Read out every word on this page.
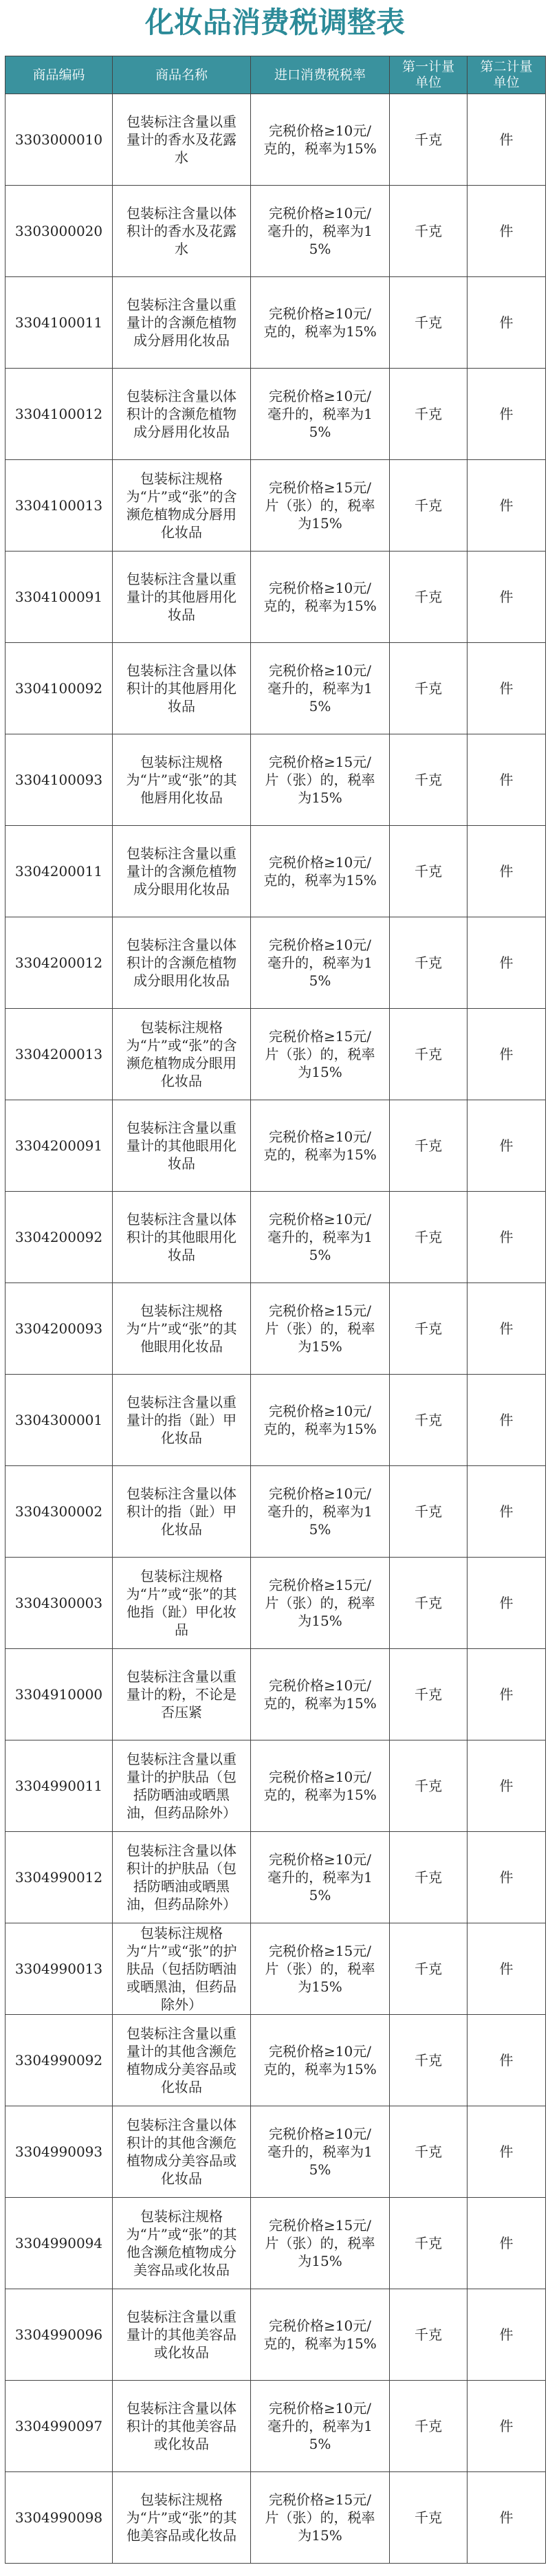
化妆品消费税调整表
商品编码	商品名称	进口消费税税率	第一计量单位	第二计量单位
3303000010	包装标注含量以重量计的香水及花露水	完税价格≥10元/克的，税率为15%	千克	件
3303000020	包装标注含量以体积计的香水及花露水	完税价格≥10元/毫升的，税率为15%	千克	件
3304100011	包装标注含量以重量计的含濒危植物成分唇用化妆品	完税价格≥10元/克的，税率为15%	千克	件
3304100012	包装标注含量以体积计的含濒危植物成分唇用化妆品	完税价格≥10元/毫升的，税率为15%	千克	件
3304100013	包装标注规格为“片”或“张”的含濒危植物成分唇用化妆品	完税价格≥15元/片（张）的，税率为15%	千克	件
3304100091	包装标注含量以重量计的其他唇用化妆品	完税价格≥10元/克的，税率为15%	千克	件
3304100092	包装标注含量以体积计的其他唇用化妆品	完税价格≥10元/毫升的，税率为15%	千克	件
3304100093	包装标注规格为“片”或“张”的其他唇用化妆品	完税价格≥15元/片（张）的，税率为15%	千克	件
3304200011	包装标注含量以重量计的含濒危植物成分眼用化妆品	完税价格≥10元/克的，税率为15%	千克	件
3304200012	包装标注含量以体积计的含濒危植物成分眼用化妆品	完税价格≥10元/毫升的，税率为15%	千克	件
3304200013	包装标注规格为“片”或“张”的含濒危植物成分眼用化妆品	完税价格≥15元/片（张）的，税率为15%	千克	件
3304200091	包装标注含量以重量计的其他眼用化妆品	完税价格≥10元/克的，税率为15%	千克	件
3304200092	包装标注含量以体积计的其他眼用化妆品	完税价格≥10元/毫升的，税率为15%	千克	件
3304200093	包装标注规格为“片”或“张”的其他眼用化妆品	完税价格≥15元/片（张）的，税率为15%	千克	件
3304300001	包装标注含量以重量计的指（趾）甲化妆品	完税价格≥10元/克的，税率为15%	千克	件
3304300002	包装标注含量以体积计的指（趾）甲化妆品	完税价格≥10元/毫升的，税率为15%	千克	件
3304300003	包装标注规格为“片”或“张”的其他指（趾）甲化妆品	完税价格≥15元/片（张）的，税率为15%	千克	件
3304910000	包装标注含量以重量计的粉，不论是否压紧	完税价格≥10元/克的，税率为15%	千克	件
3304990011	包装标注含量以重量计的护肤品（包括防晒油或晒黑油，但药品除外）	完税价格≥10元/克的，税率为15%	千克	件
3304990012	包装标注含量以体积计的护肤品（包括防晒油或晒黑油，但药品除外）	完税价格≥10元/毫升的，税率为15%	千克	件
3304990013	包装标注规格为“片”或“张”的护肤品（包括防晒油或晒黑油，但药品除外）	完税价格≥15元/片（张）的，税率为15%	千克	件
3304990092	包装标注含量以重量计的其他含濒危植物成分美容品或化妆品	完税价格≥10元/克的，税率为15%	千克	件
3304990093	包装标注含量以体积计的其他含濒危植物成分美容品或化妆品	完税价格≥10元/毫升的，税率为15%	千克	件
3304990094	包装标注规格为“片”或“张”的其他含濒危植物成分美容品或化妆品	完税价格≥15元/片（张）的，税率为15%	千克	件
3304990096	包装标注含量以重量计的其他美容品或化妆品	完税价格≥10元/克的，税率为15%	千克	件
3304990097	包装标注含量以体积计的其他美容品或化妆品	完税价格≥10元/毫升的，税率为15%	千克	件
3304990098	包装标注规格为“片”或“张”的其他美容品或化妆品	完税价格≥15元/片（张）的，税率为15%	千克	件
